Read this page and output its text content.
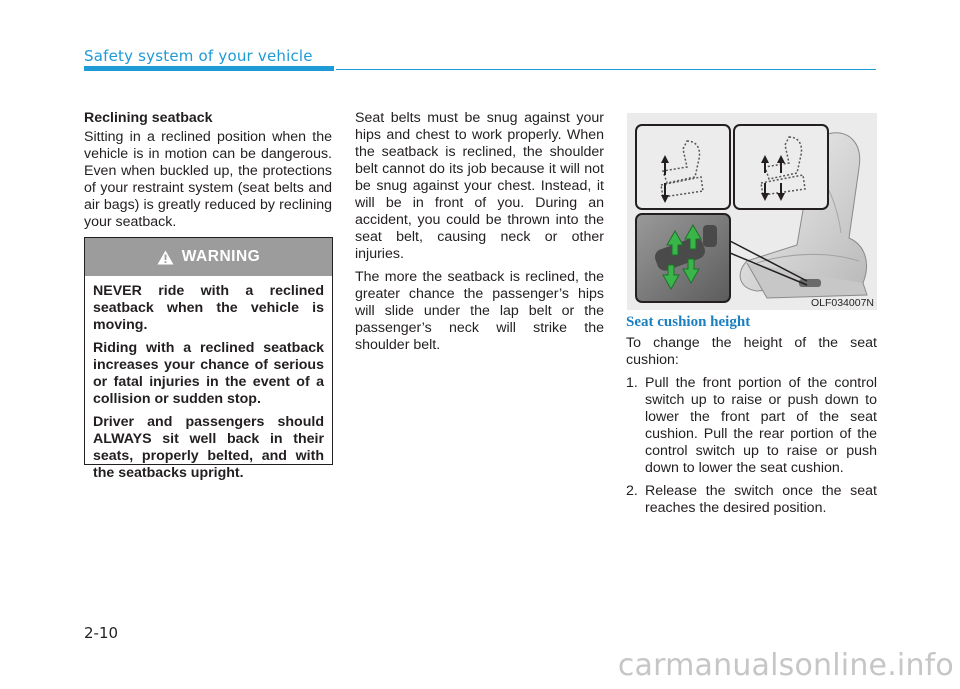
Safety system of your vehicle
Reclining seatback

Sitting in a reclined position when the vehicle is in motion can be dangerous. Even when buckled up, the protections of your restraint system (seat belts and air bags) is greatly reduced by reclining your seatback.

WARNING

NEVER ride with a reclined seatback when the vehicle is moving.

Riding with a reclined seatback increases your chance of serious or fatal injuries in the event of a collision or sudden stop.

Driver and passengers should ALWAYS sit well back in their seats, properly belted, and with the seatbacks upright.

Seat belts must be snug against your hips and chest to work properly. When the seatback is reclined, the shoulder belt cannot do its job because it will not be snug against your chest. Instead, it will be in front of you. During an accident, you could be thrown into the seat belt, causing neck or other injuries.

The more the seatback is reclined, the greater chance the passenger’s hips will slide under the lap belt or the passenger’s neck will strike the shoulder belt.

OLF034007N
Seat cushion height

To change the height of the seat cushion:

1. Pull the front portion of the control switch up to raise or push down to lower the front part of the seat cushion. Pull the rear portion of the control switch up to raise or push down to lower the seat cushion.
2. Release the switch once the seat reaches the desired position.
2-10
carmanualsonline.info
